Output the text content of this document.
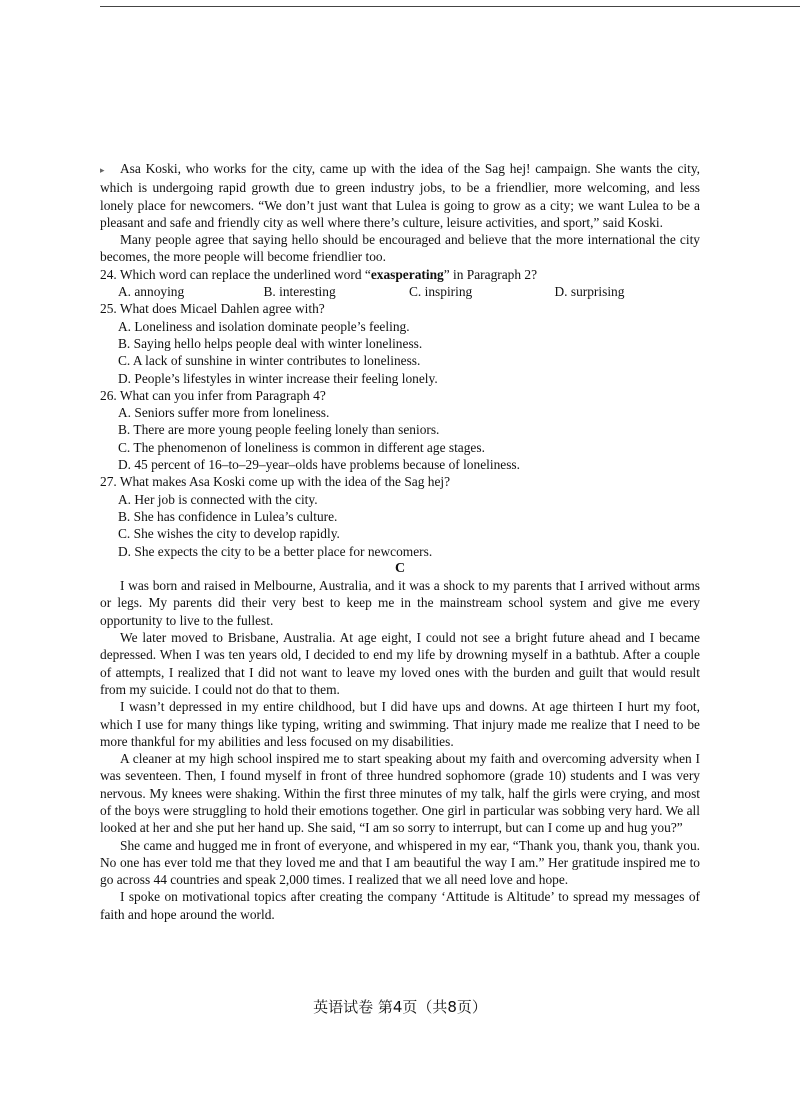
▸ Asa Koski, who works for the city, came up with the idea of the Sag hej! campaign. She wants the city, which is undergoing rapid growth due to green industry jobs, to be a friendlier, more welcoming, and less lonely place for newcomers. “We don’t just want that Lulea is going to grow as a city; we want Lulea to be a pleasant and safe and friendly city as well where there’s culture, leisure activities, and sport,” said Koski.

Many people agree that saying hello should be encouraged and believe that the more international the city becomes, the more people will become friendlier too.

24. Which word can replace the underlined word “exasperating” in Paragraph 2?

A. annoying	B. interesting	C. inspiring	D. surprising

25. What does Micael Dahlen agree with?

A. Loneliness and isolation dominate people’s feeling.

B. Saying hello helps people deal with winter loneliness.

C. A lack of sunshine in winter contributes to loneliness.

D. People’s lifestyles in winter increase their feeling lonely.

26. What can you infer from Paragraph 4?

A. Seniors suffer more from loneliness.

B. There are more young people feeling lonely than seniors.

C. The phenomenon of loneliness is common in different age stages.

D. 45 percent of 16–to–29–year–olds have problems because of loneliness.

27. What makes Asa Koski come up with the idea of the Sag hej?

A. Her job is connected with the city.

B. She has confidence in Lulea’s culture.

C. She wishes the city to develop rapidly.

D. She expects the city to be a better place for newcomers.

C

I was born and raised in Melbourne, Australia, and it was a shock to my parents that I arrived without arms or legs. My parents did their very best to keep me in the mainstream school system and give me every opportunity to live to the fullest.

We later moved to Brisbane, Australia. At age eight, I could not see a bright future ahead and I became depressed. When I was ten years old, I decided to end my life by drowning myself in a bathtub. After a couple of attempts, I realized that I did not want to leave my loved ones with the burden and guilt that would result from my suicide. I could not do that to them.

I wasn’t depressed in my entire childhood, but I did have ups and downs. At age thirteen I hurt my foot, which I use for many things like typing, writing and swimming. That injury made me realize that I need to be more thankful for my abilities and less focused on my disabilities.

A cleaner at my high school inspired me to start speaking about my faith and overcoming adversity when I was seventeen. Then, I found myself in front of three hundred sophomore (grade 10) students and I was very nervous. My knees were shaking. Within the first three minutes of my talk, half the girls were crying, and most of the boys were struggling to hold their emotions together. One girl in particular was sobbing very hard. We all looked at her and she put her hand up. She said, “I am so sorry to interrupt, but can I come up and hug you?”

She came and hugged me in front of everyone, and whispered in my ear, “Thank you, thank you, thank you. No one has ever told me that they loved me and that I am beautiful the way I am.” Her gratitude inspired me to go across 44 countries and speak 2,000 times. I realized that we all need love and hope.

I spoke on motivational topics after creating the company ‘Attitude is Altitude’ to spread my messages of faith and hope around the world.

英语试卷 第4页（共8页）
